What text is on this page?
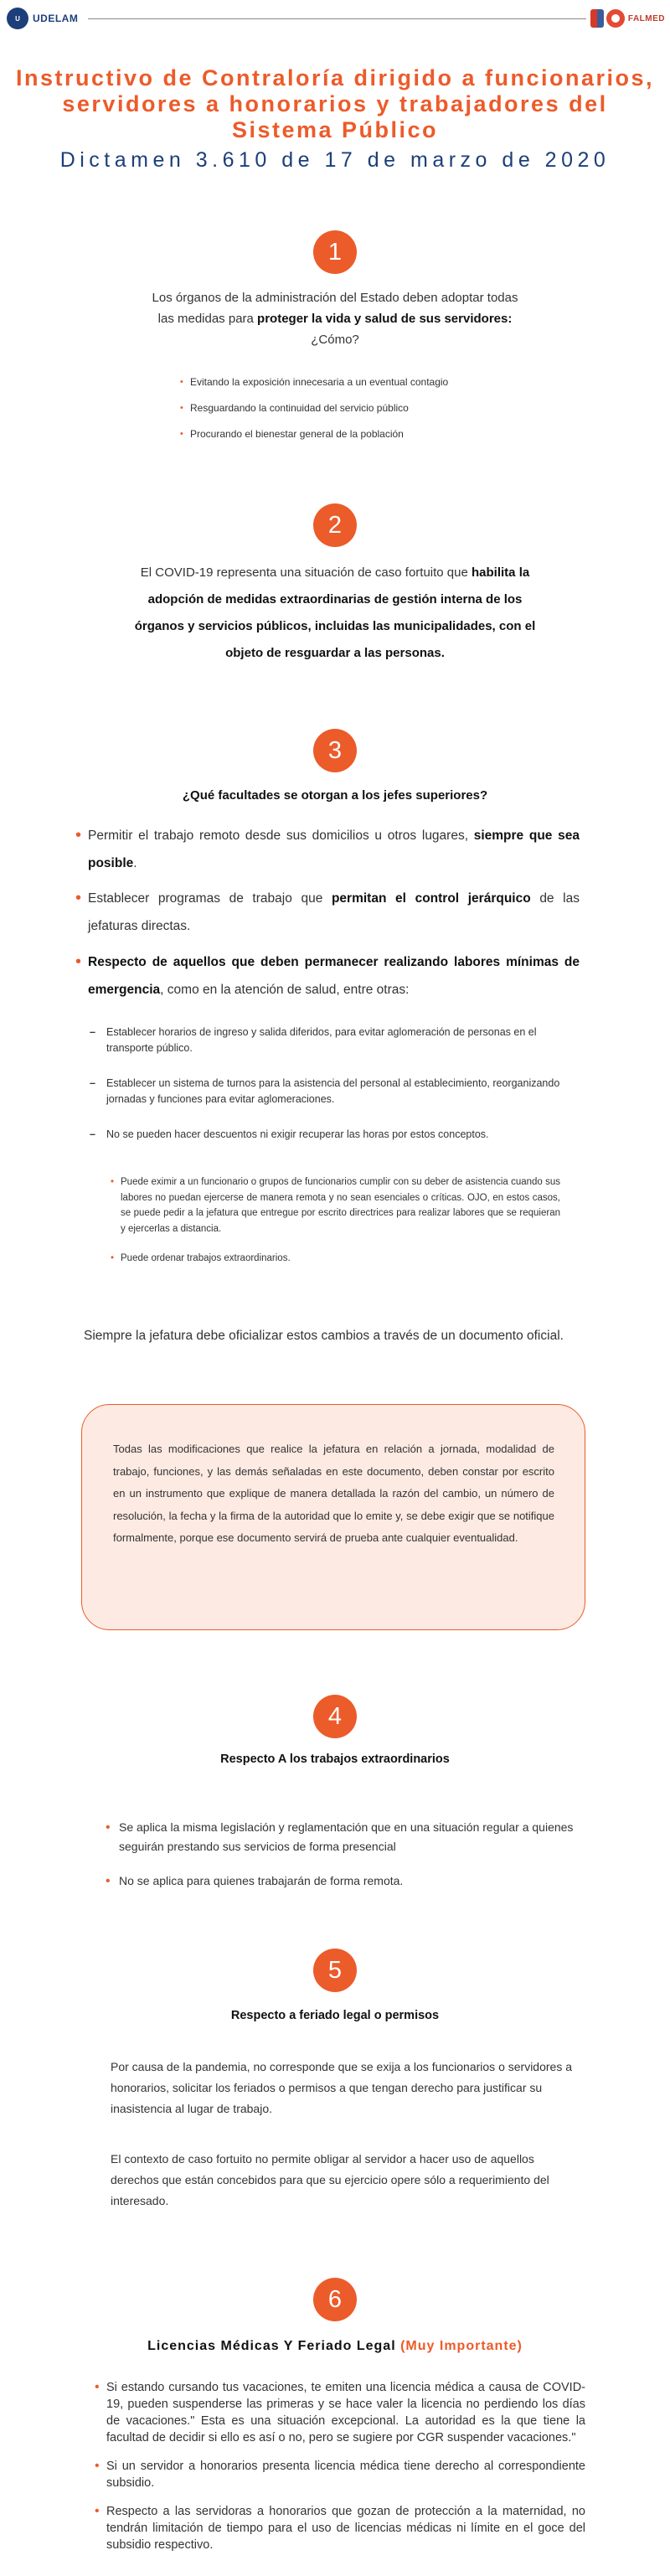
U	UDELAM	FALMED
Instructivo de Contraloría dirigido a funcionarios,
servidores a honorarios y trabajadores del
Sistema Público
Dictamen 3.610 de 17 de marzo de 2020
1
Los órganos de la administración del Estado deben adoptar todas
las medidas para proteger la vida y salud de sus servidores:
¿Cómo?
• Evitando la exposición innecesaria a un eventual contagio
• Resguardando la continuidad del servicio público
• Procurando el bienestar general de la población
2
El COVID-19 representa una situación de caso fortuito que habilita la adopción de medidas extraordinarias de gestión interna de los órganos y servicios públicos, incluidas las municipalidades, con el objeto de resguardar a las personas.
3
¿Qué facultades se otorgan a los jefes superiores?
• Permitir el trabajo remoto desde sus domicilios u otros lugares, siempre que sea posible.
• Establecer programas de trabajo que permitan el control jerárquico de las jefaturas directas.
• Respecto de aquellos que deben permanecer realizando labores mínimas de emergencia, como en la atención de salud, entre otras:
– Establecer horarios de ingreso y salida diferidos, para evitar aglomeración de personas en el transporte público.
– Establecer un sistema de turnos para la asistencia del personal al establecimiento, reorganizando jornadas y funciones para evitar aglomeraciones.
– No se pueden hacer descuentos ni exigir recuperar las horas por estos conceptos.
• Puede eximir a un funcionario o grupos de funcionarios cumplir con su deber de asistencia cuando sus labores no puedan ejercerse de manera remota y no sean esenciales o críticas. OJO, en estos casos, se puede pedir a la jefatura que entregue por escrito directrices para realizar labores que se requieran y ejercerlas a distancia.
• Puede ordenar trabajos extraordinarios.
Siempre la jefatura debe oficializar estos cambios a través de un documento oficial.

Todas las modificaciones que realice la jefatura en relación a jornada, modalidad de trabajo, funciones, y las demás señaladas en este documento, deben constar por escrito en un instrumento que explique de manera detallada la razón del cambio, un número de resolución, la fecha y la firma de la autoridad que lo emite y, se debe exigir que se notifique formalmente, porque ese documento servirá de prueba ante cualquier eventualidad.

4
Respecto A los trabajos extraordinarios
• Se aplica la misma legislación y reglamentación que en una situación regular a quienes seguirán prestando sus servicios de forma presencial
• No se aplica para quienes trabajarán de forma remota.
5
Respecto a feriado legal o permisos
Por causa de la pandemia, no corresponde que se exija a los funcionarios o servidores a honorarios, solicitar los feriados o permisos a que tengan derecho para justificar su inasistencia al lugar de trabajo.
El contexto de caso fortuito no permite obligar al servidor a hacer uso de aquellos derechos que están concebidos para que su ejercicio opere sólo a requerimiento del interesado.
6
Licencias Médicas Y Feriado Legal (Muy Importante)
• Si estando cursando tus vacaciones, te emiten una licencia médica a causa de COVID-19, pueden suspenderse las primeras y se hace valer la licencia no perdiendo los días de vacaciones." Esta es una situación excepcional. La autoridad es la que tiene la facultad de decidir si ello es así o no, pero se sugiere por CGR suspender vacaciones."
• Si un servidor a honorarios presenta licencia médica tiene derecho al correspondiente subsidio.
• Respecto a las servidoras a honorarios que gozan de protección a la maternidad, no tendrán limitación de tiempo para el uso de licencias médicas ni límite en el goce del subsidio respectivo.
